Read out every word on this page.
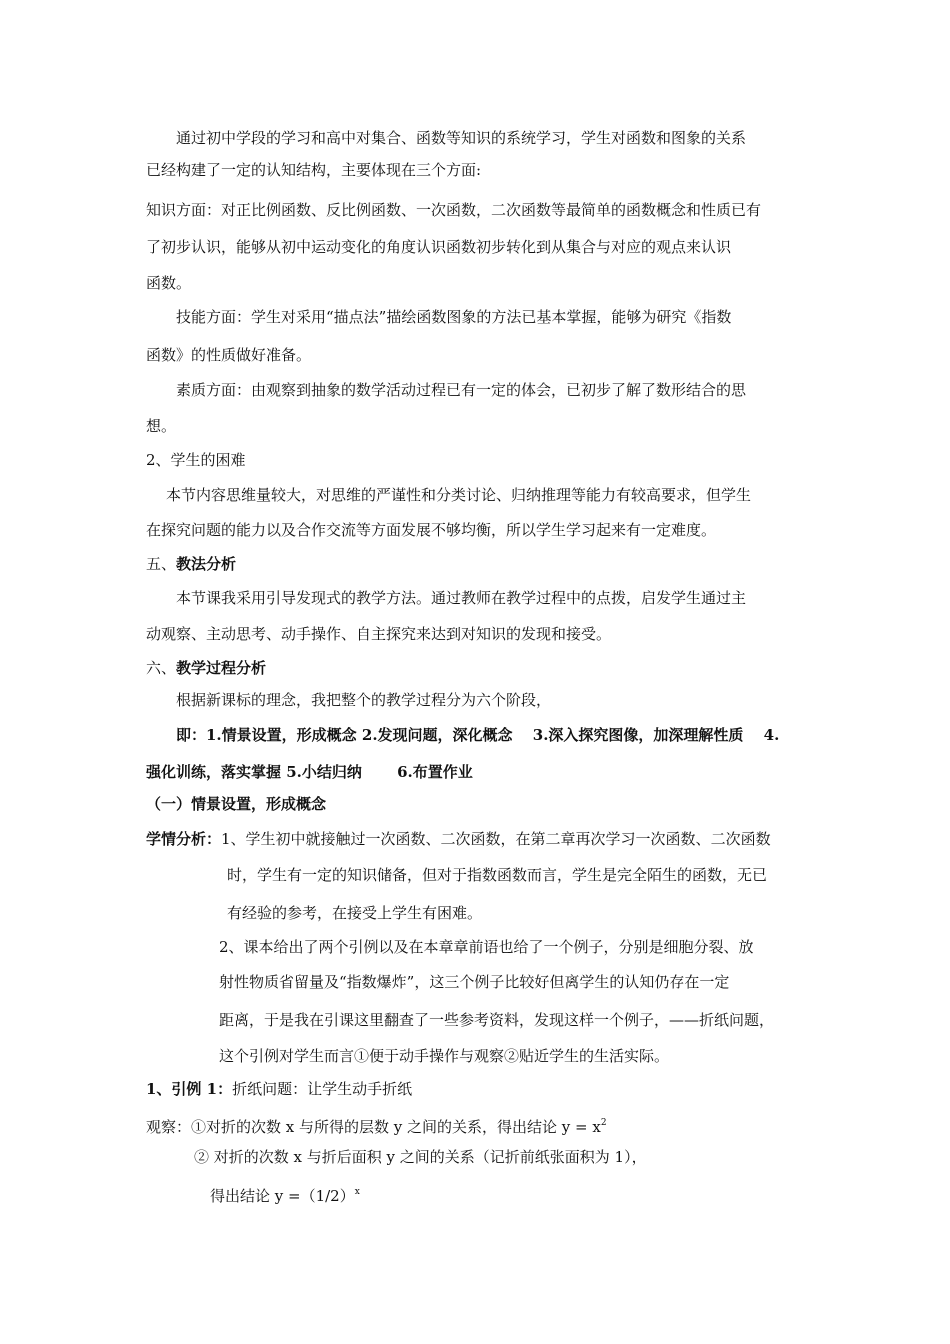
通过初中学段的学习和高中对集合、函数等知识的系统学习，学生对函数和图象的关系
已经构建了一定的认知结构，主要体现在三个方面:
知识方面：对正比例函数、反比例函数、一次函数，二次函数等最简单的函数概念和性质已有
了初步认识，能够从初中运动变化的角度认识函数初步转化到从集合与对应的观点来认识
函数。
技能方面：学生对采用“描点法”描绘函数图象的方法已基本掌握，能够为研究《指数
函数》的性质做好准备。
素质方面：由观察到抽象的数学活动过程已有一定的体会，已初步了解了数形结合的思
想。
2、学生的困难
本节内容思维量较大，对思维的严谨性和分类讨论、归纳推理等能力有较高要求，但学生
在探究问题的能力以及合作交流等方面发展不够均衡，所以学生学习起来有一定难度。
五、教法分析
本节课我采用引导发现式的教学方法。通过教师在教学过程中的点拨，启发学生通过主
动观察、主动思考、动手操作、自主探究来达到对知识的发现和接受。
六、教学过程分析
根据新课标的理念，我把整个的教学过程分为六个阶段，
即：1.情景设置，形成概念 2.发现问题，深化概念　 3.深入探究图像，加深理解性质　 4.
强化训练，落实掌握 5.小结归纳　　 6.布置作业
（一）情景设置，形成概念
学情分析：1、学生初中就接触过一次函数、二次函数，在第二章再次学习一次函数、二次函数
时，学生有一定的知识储备，但对于指数函数而言，学生是完全陌生的函数，无已
有经验的参考，在接受上学生有困难。
2、课本给出了两个引例以及在本章章前语也给了一个例子，分别是细胞分裂、放
射性物质省留量及“指数爆炸”，这三个例子比较好但离学生的认知仍存在一定
距离，于是我在引课这里翻查了一些参考资料，发现这样一个例子，——折纸问题，
这个引例对学生而言①便于动手操作与观察②贴近学生的生活实际。
1、引例 1：折纸问题：让学生动手折纸
观察：①对折的次数 x 与所得的层数 y 之间的关系，得出结论 $y = x^2$
② 对折的次数 x 与折后面积 y 之间的关系（记折前纸张面积为 1），
得出结论 $y =(1/2)^x$
